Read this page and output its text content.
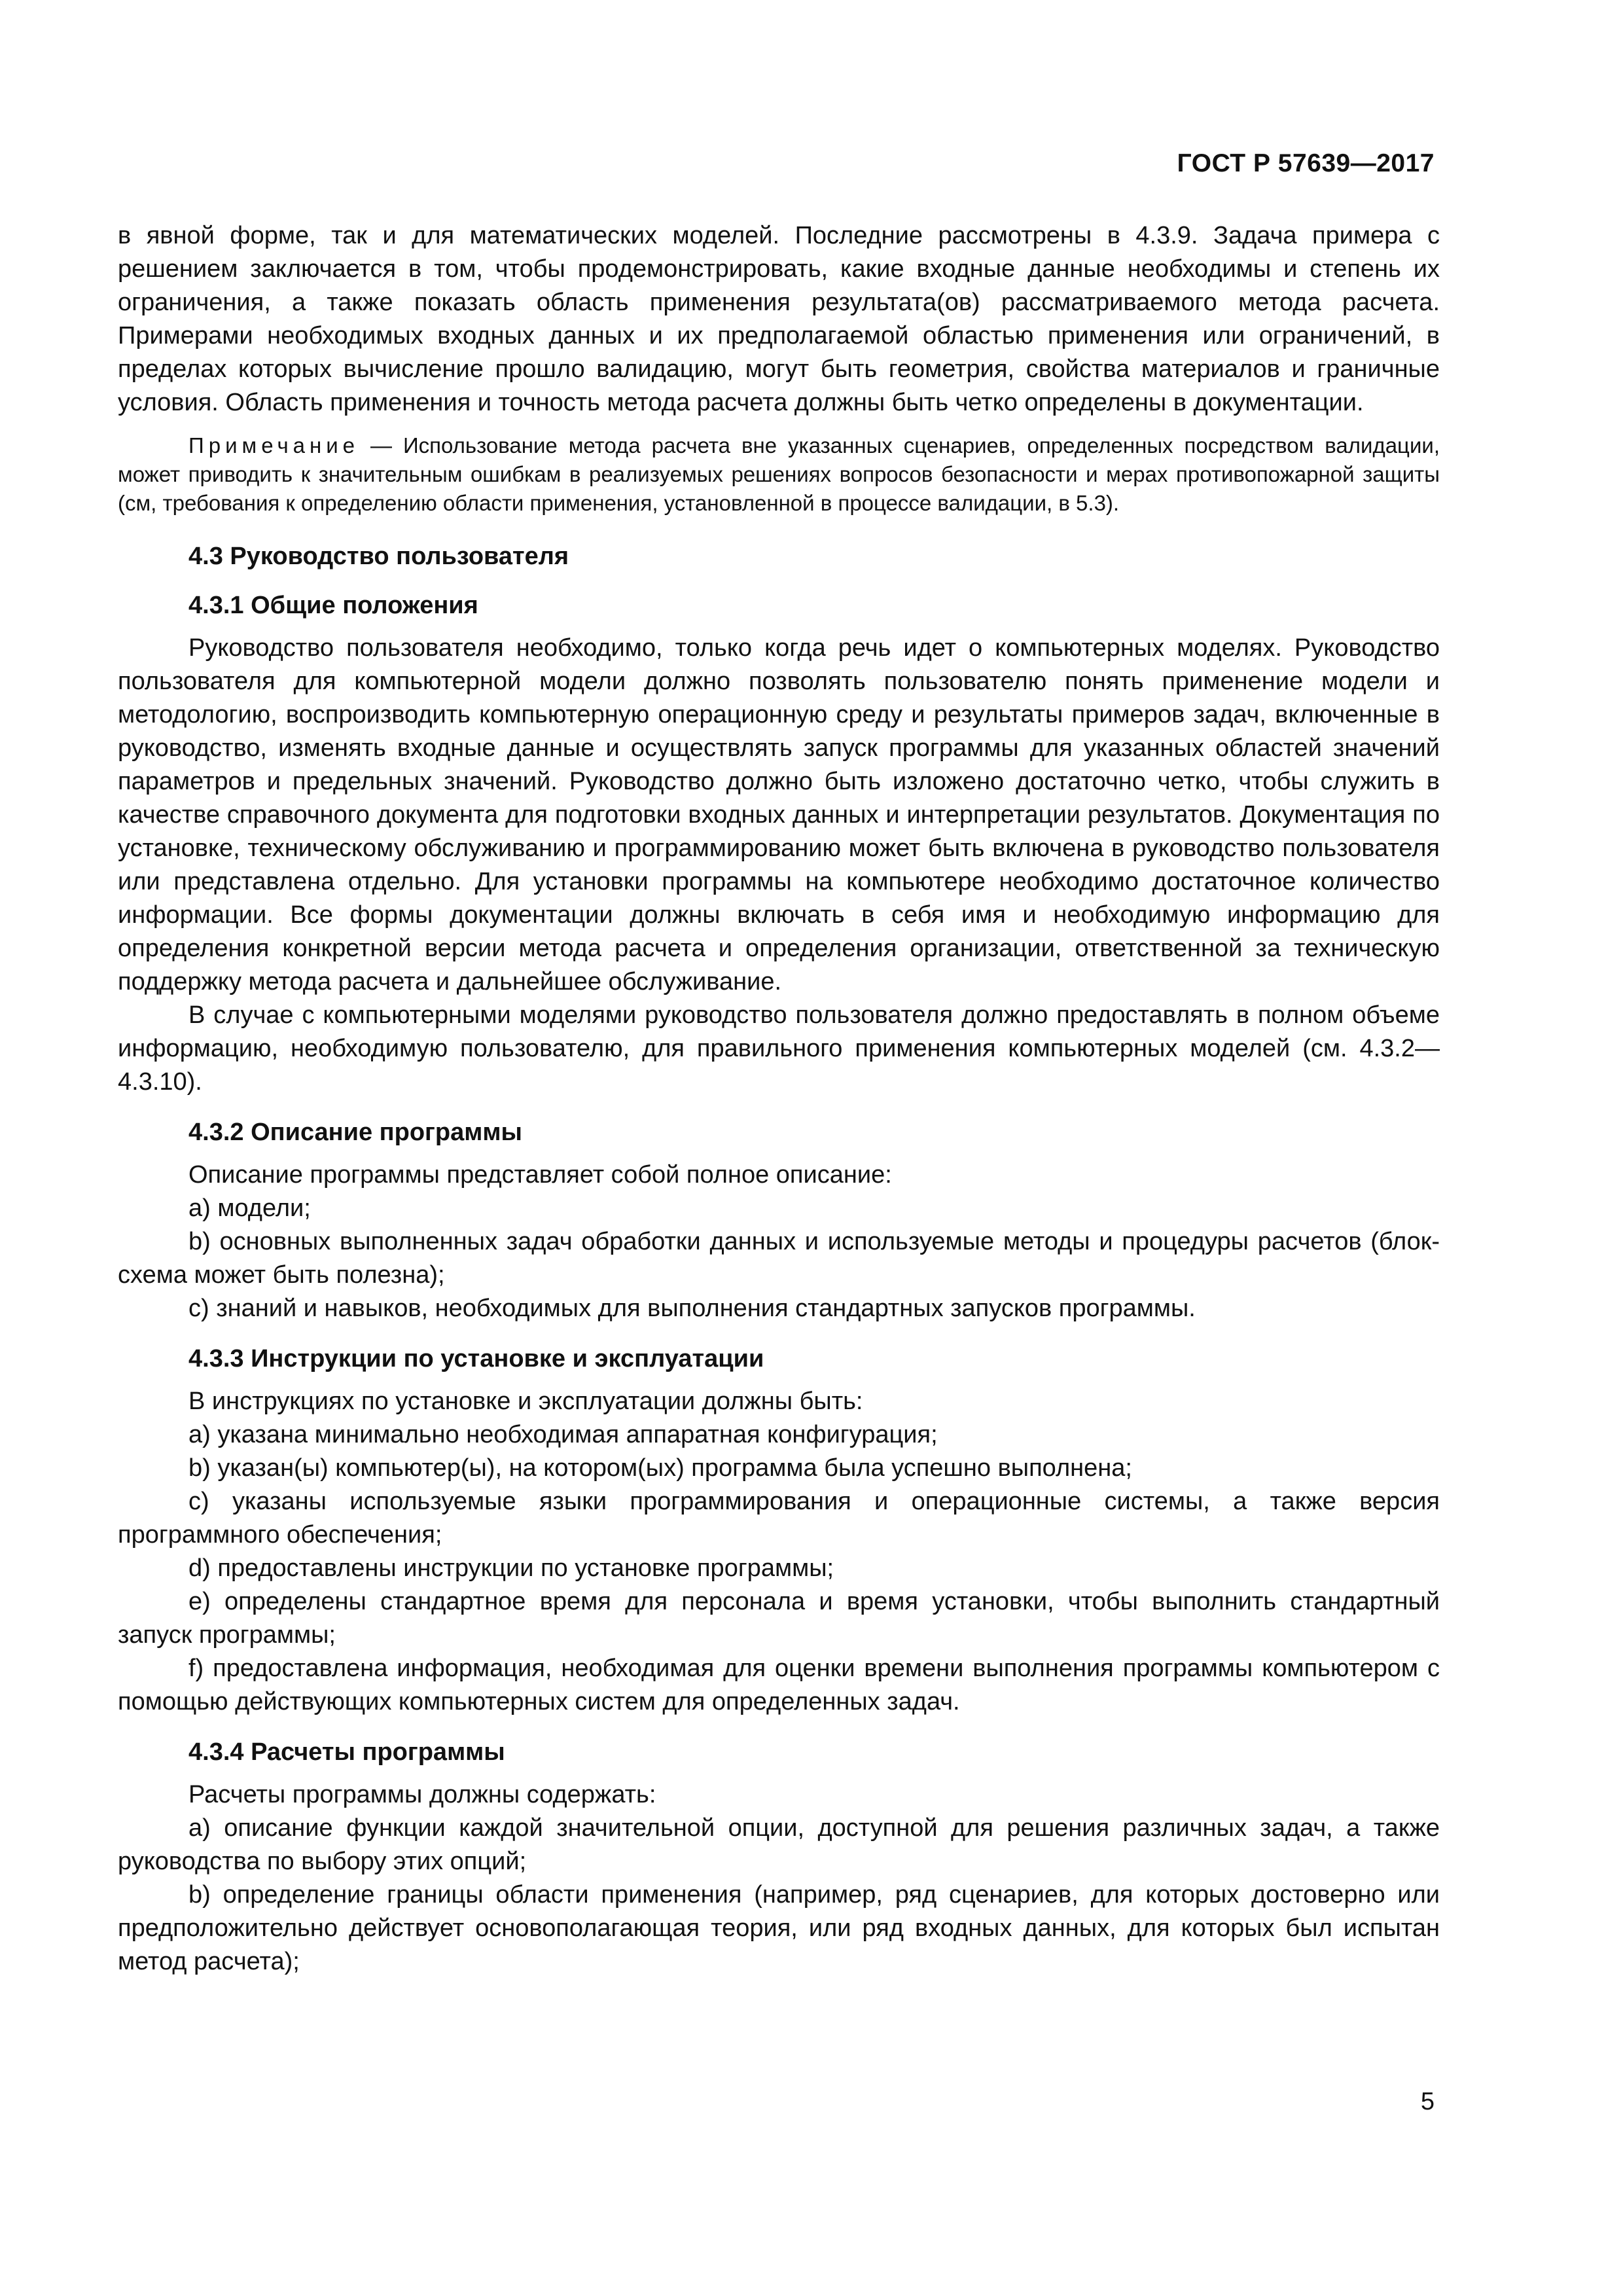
ГОСТ Р 57639—2017

в явной форме, так и для математических моделей. Последние рассмотрены в 4.3.9. Задача примера с решением заключается в том, чтобы продемонстрировать, какие входные данные необходимы и степень их ограничения, а также показать область применения результата(ов) рассматриваемого метода расчета. Примерами необходимых входных данных и их предполагаемой областью применения или ограничений, в пределах которых вычисление прошло валидацию, могут быть геометрия, свойства материалов и граничные условия. Область применения и точность метода расчета должны быть четко определены в документации.

Примечание — Использование метода расчета вне указанных сценариев, определенных посредством валидации, может приводить к значительным ошибкам в реализуемых решениях вопросов безопасности и мерах противопожарной защиты (см, требования к определению области применения, установленной в процессе валидации, в 5.3).
4.3 Руководство пользователя
4.3.1 Общие положения

Руководство пользователя необходимо, только когда речь идет о компьютерных моделях. Руководство пользователя для компьютерной модели должно позволять пользователю понять применение модели и методологию, воспроизводить компьютерную операционную среду и результаты примеров задач, включенные в руководство, изменять входные данные и осуществлять запуск программы для указанных областей значений параметров и предельных значений. Руководство должно быть изложено достаточно четко, чтобы служить в качестве справочного документа для подготовки входных данных и интерпретации результатов. Документация по установке, техническому обслуживанию и программированию может быть включена в руководство пользователя или представлена отдельно. Для установки программы на компьютере необходимо достаточное количество информации. Все формы документации должны включать в себя имя и необходимую информацию для определения конкретной версии метода расчета и определения организации, ответственной за техническую поддержку метода расчета и дальнейшее обслуживание.

В случае с компьютерными моделями руководство пользователя должно предоставлять в полном объеме информацию, необходимую пользователю, для правильного применения компьютерных моделей (см. 4.3.2—4.3.10).

4.3.2 Описание программы

Описание программы представляет собой полное описание:

a) модели;

b) основных выполненных задач обработки данных и используемые методы и процедуры расчетов (блок-схема может быть полезна);

c) знаний и навыков, необходимых для выполнения стандартных запусков программы.

4.3.3 Инструкции по установке и эксплуатации

В инструкциях по установке и эксплуатации должны быть:

a) указана минимально необходимая аппаратная конфигурация;

b) указан(ы) компьютер(ы), на котором(ых) программа была успешно выполнена;

c) указаны используемые языки программирования и операционные системы, а также версия программного обеспечения;

d) предоставлены инструкции по установке программы;

e) определены стандартное время для персонала и время установки, чтобы выполнить стандартный запуск программы;

f) предоставлена информация, необходимая для оценки времени выполнения программы компьютером с помощью действующих компьютерных систем для определенных задач.

4.3.4 Расчеты программы

Расчеты программы должны содержать:

a) описание функции каждой значительной опции, доступной для решения различных задач, а также руководства по выбору этих опций;

b) определение границы области применения (например, ряд сценариев, для которых достоверно или предположительно действует основополагающая теория, или ряд входных данных, для которых был испытан метод расчета);

5
